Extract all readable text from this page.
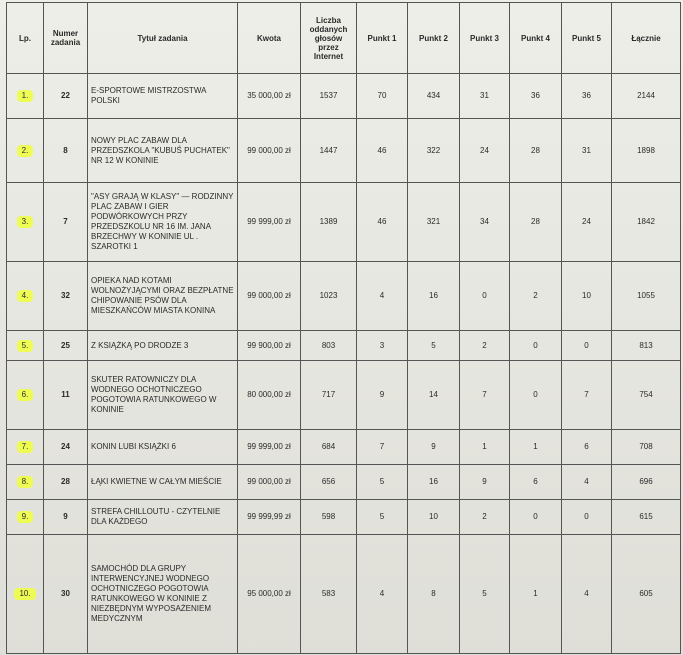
Lp.	Numer zadania	Tytuł zadania	Kwota	Liczba oddanych głosów przez Internet	Punkt 1	Punkt 2	Punkt 3	Punkt 4	Punkt 5	Łącznie
1.	22	E-SPORTOWE MISTRZOSTWA POLSKI	35 000,00 zł	1537	70	434	31	36	36	2144
2.	8	NOWY PLAC ZABAW DLA PRZEDSZKOLA "KUBUŚ PUCHATEK" NR 12 W KONINIE	99 000,00 zł	1447	46	322	24	28	31	1898
3.	7	"ASY GRAJĄ W KLASY" — RODZINNY PLAC ZABAW I GIER PODWÓRKOWYCH PRZY PRZEDSZKOLU NR 16 IM. JANA BRZECHWY W KONINIE UL . SZAROTKI 1	99 999,00 zł	1389	46	321	34	28	24	1842
4.	32	OPIEKA NAD KOTAMI WOLNOŻYJĄCYMI ORAZ BEZPŁATNE CHIPOWANIE PSÓW DLA MIESZKAŃCÓW MIASTA KONINA	99 000,00 zł	1023	4	16	0	2	10	1055
5.	25	Z KSIĄŻKĄ PO DRODZE 3	99 900,00 zł	803	3	5	2	0	0	813
6.	11	SKUTER RATOWNICZY DLA WODNEGO OCHOTNICZEGO POGOTOWIA RATUNKOWEGO W KONINIE	80 000,00 zł	717	9	14	7	0	7	754
7.	24	KONIN LUBI KSIĄŻKI 6	99 999,00 zł	684	7	9	1	1	6	708
8.	28	ŁĄKI KWIETNE W CAŁYM MIEŚCIE	99 000,00 zł	656	5	16	9	6	4	696
9.	9	STREFA CHILLOUTU - CZYTELNIE DLA KAŻDEGO	99 999,99 zł	598	5	10	2	0	0	615
10.	30	SAMOCHÓD DLA GRUPY INTERWENCYJNEJ WODNEGO OCHOTNICZEGO POGOTOWIA RATUNKOWEGO W KONINIE Z NIEZBĘDNYM WYPOSAŻENIEM MEDYCZNYM	95 000,00 zł	583	4	8	5	1	4	605
